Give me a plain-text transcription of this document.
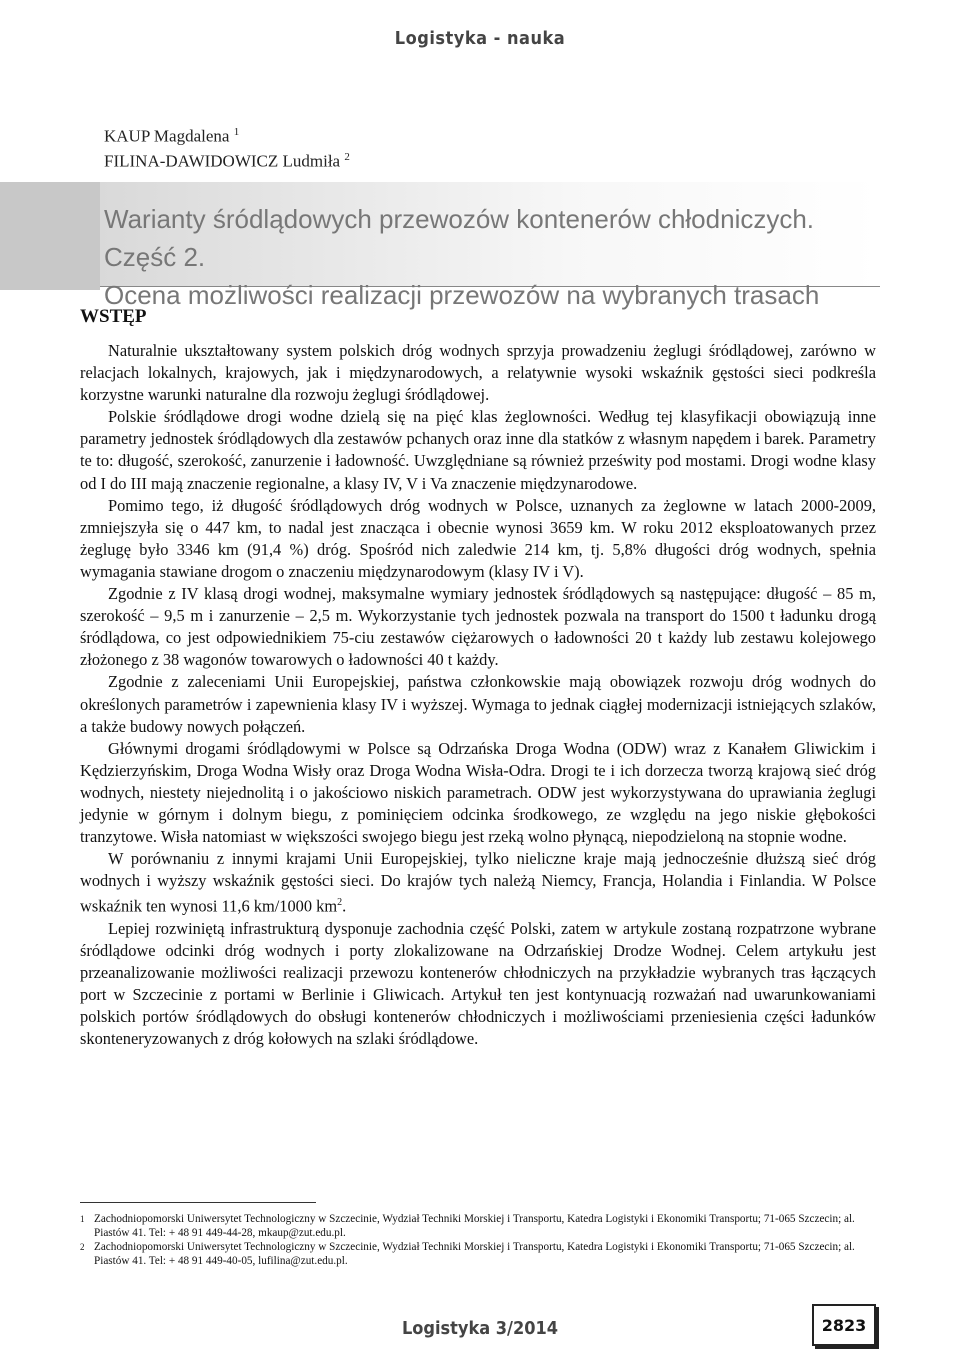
Logistyka - nauka
KAUP Magdalena $^1$
FILINA-DAWIDOWICZ Ludmiła $^2$
Warianty śródlądowych przewozów kontenerów chłodniczych. Część 2.
Ocena możliwości realizacji przewozów na wybranych trasach
WSTĘP

Naturalnie ukształtowany system polskich dróg wodnych sprzyja prowadzeniu żeglugi śródlądowej, zarówno w relacjach lokalnych, krajowych, jak i międzynarodowych, a relatywnie wysoki wskaźnik gęstości sieci podkreśla korzystne warunki naturalne dla rozwoju żeglugi śródlądowej.

Polskie śródlądowe drogi wodne dzielą się na pięć klas żeglowności. Według tej klasyfikacji obowiązują inne parametry jednostek śródlądowych dla zestawów pchanych oraz inne dla statków z własnym napędem i barek. Parametry te to: długość, szerokość, zanurzenie i ładowność. Uwzględniane są również prześwity pod mostami. Drogi wodne klasy od I do III mają znaczenie regionalne, a klasy IV, V i Va znaczenie międzynarodowe.

Pomimo tego, iż długość śródlądowych dróg wodnych w Polsce, uznanych za żeglowne w latach 2000-2009, zmniejszyła się o 447 km, to nadal jest znacząca i obecnie wynosi 3659 km. W roku 2012 eksploatowanych przez żeglugę było 3346 km (91,4 %) dróg. Spośród nich zaledwie 214 km, tj. 5,8% długości dróg wodnych, spełnia wymagania stawiane drogom o znaczeniu międzynarodowym (klasy IV i V).

Zgodnie z IV klasą drogi wodnej, maksymalne wymiary jednostek śródlądowych są następujące: długość – 85 m, szerokość – 9,5 m i zanurzenie – 2,5 m. Wykorzystanie tych jednostek pozwala na transport do 1500 t ładunku drogą śródlądowa, co jest odpowiednikiem 75-ciu zestawów ciężarowych o ładowności 20 t każdy lub zestawu kolejowego złożonego z 38 wagonów towarowych o ładowności 40 t każdy.

Zgodnie z zaleceniami Unii Europejskiej, państwa członkowskie mają obowiązek rozwoju dróg wodnych do określonych parametrów i zapewnienia klasy IV i wyższej. Wymaga to jednak ciągłej modernizacji istniejących szlaków, a także budowy nowych połączeń.

Głównymi drogami śródlądowymi w Polsce są Odrzańska Droga Wodna (ODW) wraz z Kanałem Gliwickim i Kędzierzyńskim, Droga Wodna Wisły oraz Droga Wodna Wisła-Odra. Drogi te i ich dorzecza tworzą krajową sieć dróg wodnych, niestety niejednolitą i o jakościowo niskich parametrach. ODW jest wykorzystywana do uprawiania żeglugi jedynie w górnym i dolnym biegu, z pominięciem odcinka środkowego, ze względu na jego niskie głębokości tranzytowe. Wisła natomiast w większości swojego biegu jest rzeką wolno płynącą, niepodzieloną na stopnie wodne.

W porównaniu z innymi krajami Unii Europejskiej, tylko nieliczne kraje mają jednocześnie dłuższą sieć dróg wodnych i wyższy wskaźnik gęstości sieci. Do krajów tych należą Niemcy, Francja, Holandia i Finlandia. W Polsce wskaźnik ten wynosi 11,6 km/1000 $km^2$.

Lepiej rozwiniętą infrastrukturą dysponuje zachodnia część Polski, zatem w artykule zostaną rozpatrzone wybrane śródlądowe odcinki dróg wodnych i porty zlokalizowane na Odrzańskiej Drodze Wodnej. Celem artykułu jest przeanalizowanie możliwości realizacji przewozu kontenerów chłodniczych na przykładzie wybranych tras łączących port w Szczecinie z portami w Berlinie i Gliwicach. Artykuł ten jest kontynuacją rozważań nad uwarunkowaniami polskich portów śródlądowych do obsługi kontenerów chłodniczych i możliwościami przeniesienia części ładunków skonteneryzowanych z dróg kołowych na szlaki śródlądowe.

1 Zachodniopomorski Uniwersytet Technologiczny w Szczecinie, Wydział Techniki Morskiej i Transportu, Katedra Logistyki i Ekonomiki Transportu; 71-065 Szczecin; al. Piastów 41. Tel: + 48 91 449-44-28, mkaup@zut.edu.pl.
2 Zachodniopomorski Uniwersytet Technologiczny w Szczecinie, Wydział Techniki Morskiej i Transportu, Katedra Logistyki i Ekonomiki Transportu; 71-065 Szczecin; al. Piastów 41. Tel: + 48 91 449-40-05, lufilina@zut.edu.pl.
Logistyka 3/2014	2823
